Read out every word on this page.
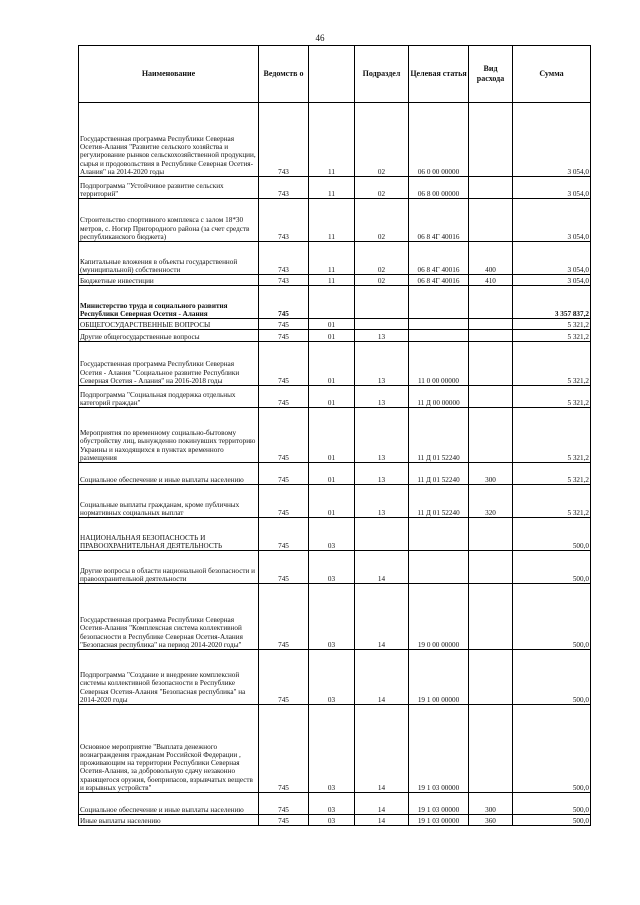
46
Наименование	Ведомств о		Подраздел	Целевая статья	Вид расхода	Сумма
Государственная программа Республики Северная Осетия-Алания "Развитие сельского хозяйства и регулирование рынков сельскохозяйственной продукции, сырья и продовольствия в Республике Северная Осетия-Алания" на 2014-2020 годы	743	11	02	06 0 00 00000		3 054,0
Подпрограмма "Устойчивое развитие сельских территорий"	743	11	02	06 8 00 00000		3 054,0
Строительство спортивного комплекса с залом 18*30 метров, с. Ногир Пригородного района (за счет средств республиканского бюджета)	743	11	02	06 8 4Г 40016		3 054,0
Капитальные вложения в объекты государственной (муниципальной) собственности	743	11	02	06 8 4Г 40016	400	3 054,0
Бюджетные инвестиции	743	11	02	06 8 4Г 40016	410	3 054,0
Министерство труда и социального развития Республики Северная Осетия - Алания	745					3 357 837,2
ОБЩЕГОСУДАРСТВЕННЫЕ ВОПРОСЫ	745	01				5 321,2
Другие общегосударственные вопросы	745	01	13			5 321,2
Государственная программа Республики Северная Осетия - Алания "Социальное развитие Республики Северная Осетия - Алания" на 2016-2018 годы	745	01	13	11 0 00 00000		5 321,2
Подпрограмма "Социальная поддержка отдельных категорий граждан"	745	01	13	11 Д 00 00000		5 321,2
Мероприятия по временному социально-бытовому обустройству лиц, вынужденно покинувших территорию Украины и находящихся в пунктах временного размещения	745	01	13	11 Д 01 52240		5 321,2
Социальное обеспечение и иные выплаты населению	745	01	13	11 Д 01 52240	300	5 321,2
Социальные выплаты гражданам, кроме публичных нормативных социальных выплат	745	01	13	11 Д 01 52240	320	5 321,2
НАЦИОНАЛЬНАЯ БЕЗОПАСНОСТЬ И ПРАВООХРАНИТЕЛЬНАЯ ДЕЯТЕЛЬНОСТЬ	745	03				500,0
Другие вопросы в области национальной безопасности и правоохранительной деятельности	745	03	14			500,0
Государственная программа Республики Северная Осетия-Алания "Комплексная система коллективной безопасности в Республике Северная Осетия-Алания "Безопасная республика" на период 2014-2020 годы"	745	03	14	19 0 00 00000		500,0
Подпрограмма "Создание и внедрение комплексной системы коллективной безопасности в Республике Северная Осетия-Алания "Безопасная республика" на 2014-2020 годы	745	03	14	19 1 00 00000		500,0
Основное мероприятие "Выплата денежного вознаграждения гражданам Российской Федерации , проживающим на территории Республики Северная Осетия-Алания, за добровольную сдачу незаконно хранящегося оружия, боеприпасов, взрывчатых веществ и взрывных устройств"	745	03	14	19 1 03 00000		500,0
Социальное обеспечение и иные выплаты населению	745	03	14	19 1 03 00000	300	500,0
Иные выплаты населению	745	03	14	19 1 03 00000	360	500,0
